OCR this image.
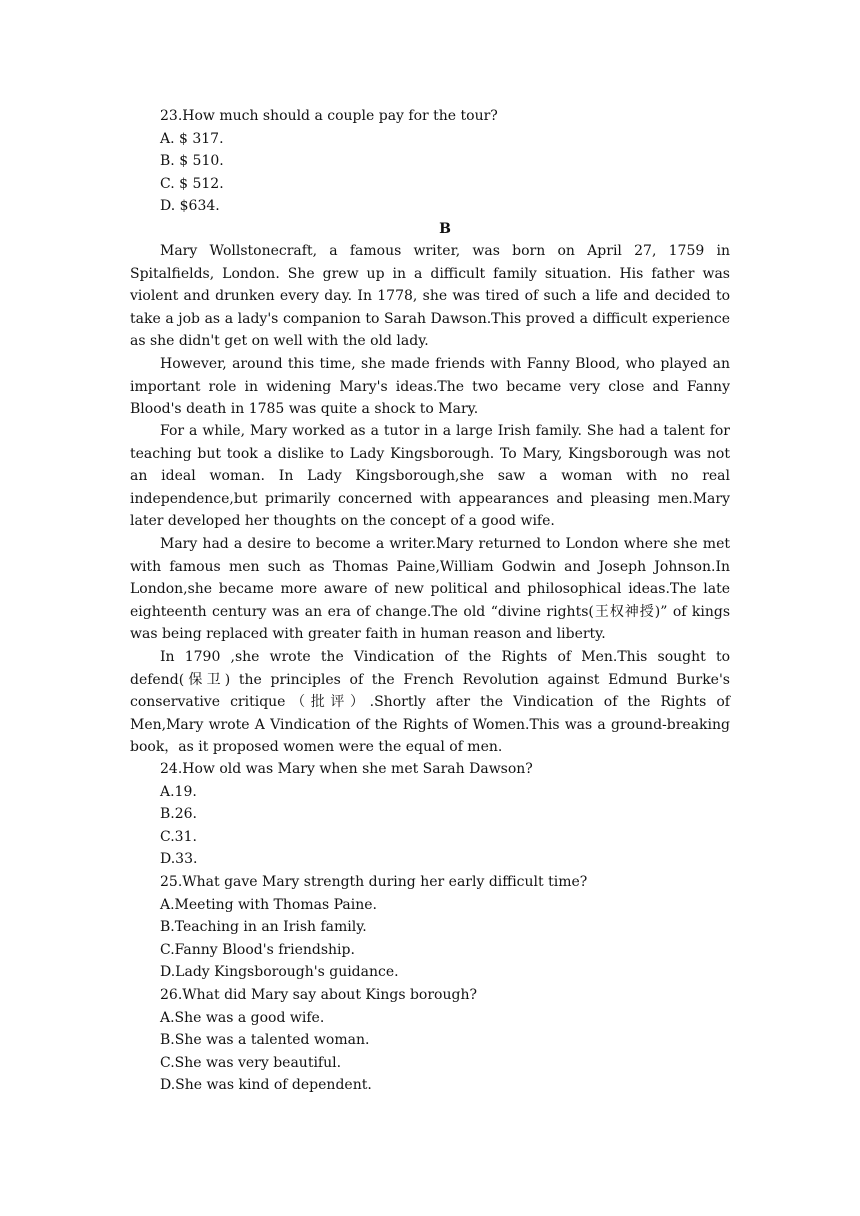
23.How much should a couple pay for the tour?
A. $ 317.
B. $ 510.
C. $ 512.
D. $634.
B

Mary Wollstonecraft, a famous writer, was born on April 27, 1759 in Spitalfields, London. She grew up in a difficult family situation. His father was violent and drunken every day. In 1778, she was tired of such a life and decided to take a job as a lady's companion to Sarah Dawson.This proved a difficult experience as she didn't get on well with the old lady.

However, around this time, she made friends with Fanny Blood, who played an important role in widening Mary's ideas.The two became very close and Fanny Blood's death in 1785 was quite a shock to Mary.

For a while, Mary worked as a tutor in a large Irish family. She had a talent for teaching but took a dislike to Lady Kingsborough. To Mary, Kingsborough was not an ideal woman. In Lady Kingsborough,she saw a woman with no real independence,but primarily concerned with appearances and pleasing men.Mary later developed her thoughts on the concept of a good wife.

Mary had a desire to become a writer.Mary returned to London where she met with famous men such as Thomas Paine,William Godwin and Joseph Johnson.In London,she became more aware of new political and philosophical ideas.The late eighteenth century was an era of change.The old “divine rights(王权神授)” of kings was being replaced with greater faith in human reason and liberty.

In 1790 ,she wrote the Vindication of the Rights of Men.This sought to defend(保卫) the principles of the French Revolution against Edmund Burke's conservative critique（批评）.Shortly after the Vindication of the Rights of Men,Mary wrote A Vindication of the Rights of Women.This was a ground-breaking book，as it proposed women were the equal of men.

24.How old was Mary when she met Sarah Dawson?
A.19.
B.26.
C.31.
D.33.
25.What gave Mary strength during her early difficult time?
A.Meeting with Thomas Paine.
B.Teaching in an Irish family.
C.Fanny Blood's friendship.
D.Lady Kingsborough's guidance.
26.What did Mary say about Kings borough?
A.She was a good wife.
B.She was a talented woman.
C.She was very beautiful.
D.She was kind of dependent.
